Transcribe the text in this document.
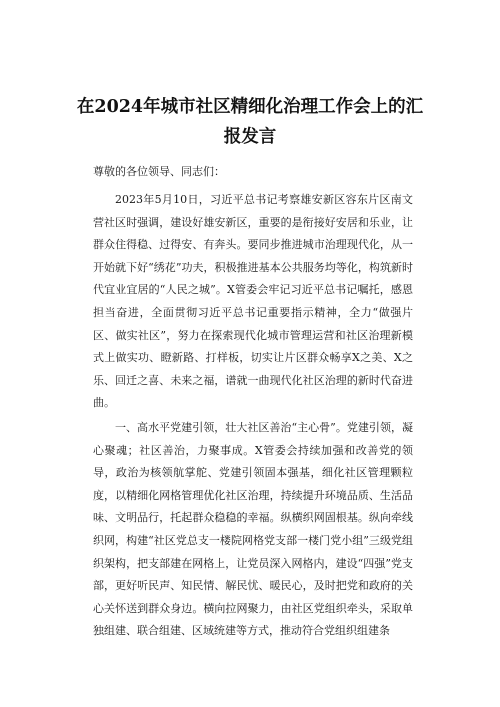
在2024年城市社区精细化治理工作会上的汇报发言

尊敬的各位领导、同志们：

2023年5月10日，习近平总书记考察雄安新区容东片区南文营社区时强调，建设好雄安新区，重要的是衔接好安居和乐业，让群众住得稳、过得安、有奔头。要同步推进城市治理现代化，从一开始就下好“绣花”功夫，积极推进基本公共服务均等化，构筑新时代宜业宜居的“人民之城”。X管委会牢记习近平总书记嘱托，感恩担当奋进，全面贯彻习近平总书记重要指示精神，全力“做强片区、做实社区”，努力在探索现代化城市管理运营和社区治理新模式上做实功、瞪新路、打样板，切实让片区群众畅享X之美、X之乐、回迁之喜、未来之福，谱就一曲现代化社区治理的新时代奋进曲。

一、高水平党建引领，壮大社区善治“主心骨”。党建引领，凝心聚魂；社区善治，力聚事成。X管委会持续加强和改善党的领导，政治为核领航掌舵、党建引领固本强基，细化社区管理颗粒度，以精细化网格管理优化社区治理，持续提升环境品质、生活品味、文明品行，托起群众稳稳的幸福。纵横织网固根基。纵向牵线织网，构建“社区党总支一楼院网格党支部一楼门党小组”三级党组织架构，把支部建在网格上，让党员深入网格内，建设“四强”党支部，更好听民声、知民情、解民忧、暖民心，及时把党和政府的关心关怀送到群众身边。横向拉网聚力，由社区党组织牵头，采取单独组建、联合组建、区域统建等方式，推动符合党组织组建条
